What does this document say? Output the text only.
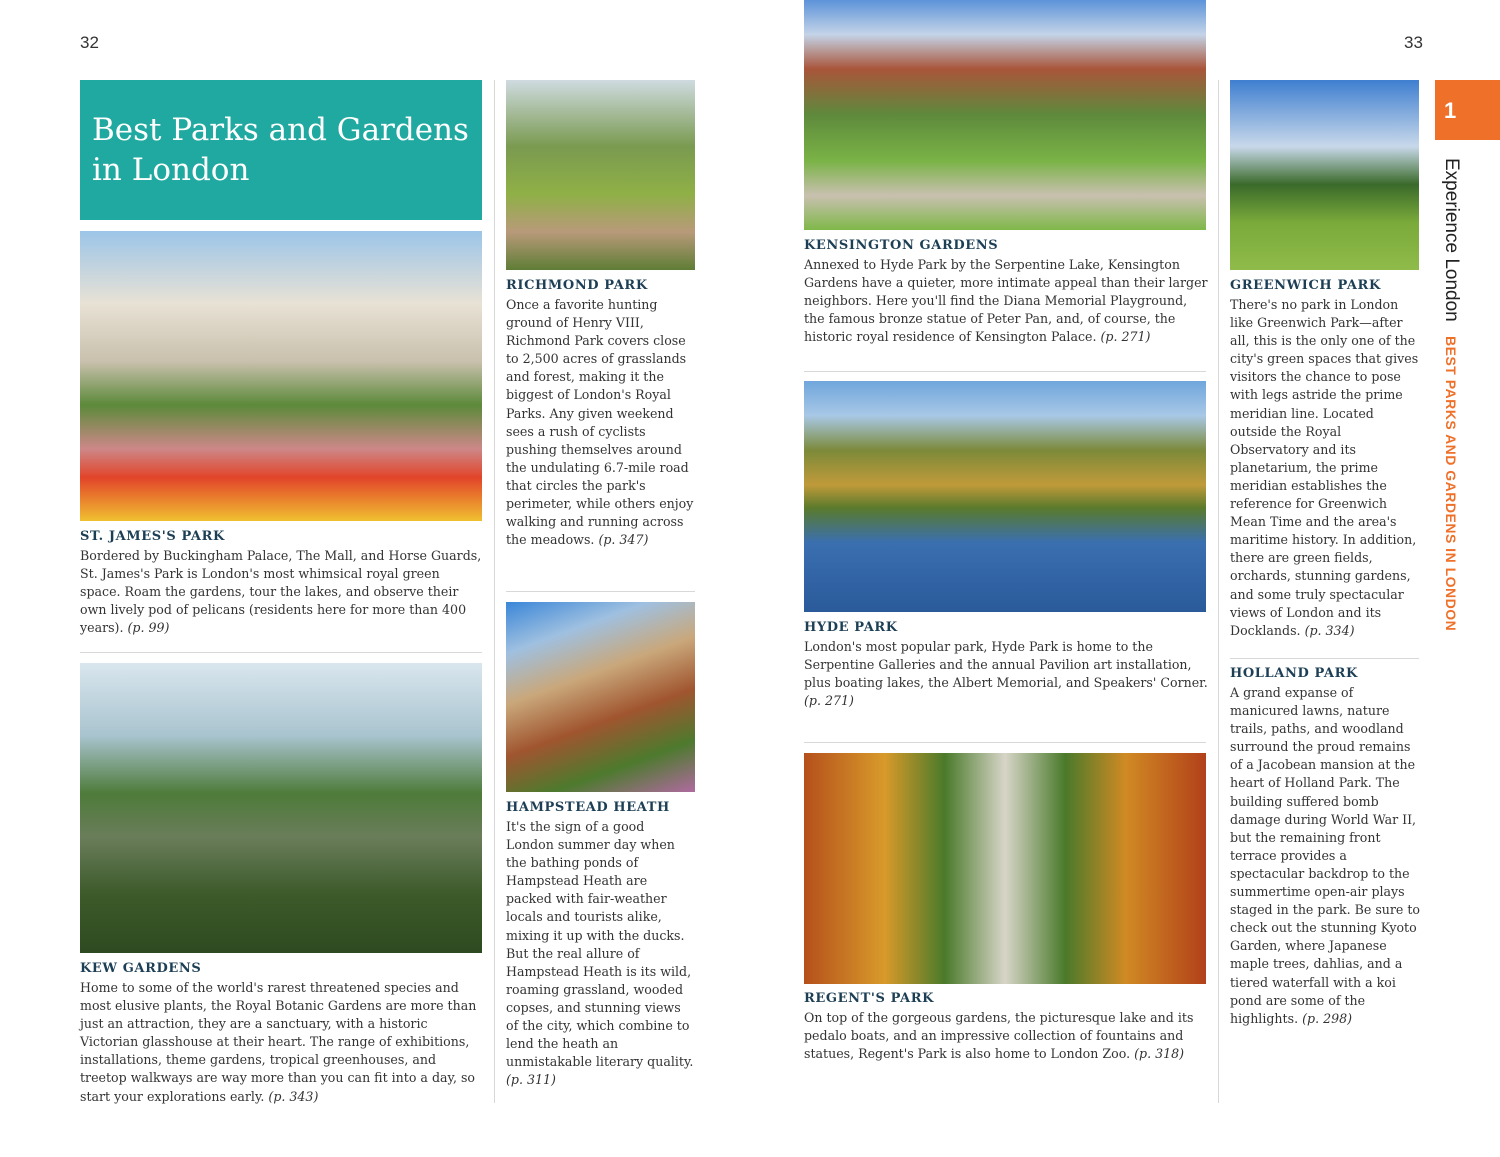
32	33
Best Parks and Gardens in London
ST. JAMES'S PARK
Bordered by Buckingham Palace, The Mall, and Horse Guards, St. James's Park is London's most whimsical royal green space. Roam the gardens, tour the lakes, and observe their own lively pod of pelicans (residents here for more than 400 years). (p. 99)
KEW GARDENS
Home to some of the world's rarest threatened species and most elusive plants, the Royal Botanic Gardens are more than just an attraction, they are a sanctuary, with a historic Victorian glasshouse at their heart. The range of exhibitions, installations, theme gardens, tropical greenhouses, and treetop walkways are way more than you can fit into a day, so start your explorations early. (p. 343)
RICHMOND PARK
Once a favorite hunting ground of Henry VIII, Richmond Park covers close to 2,500 acres of grasslands and forest, making it the biggest of London's Royal Parks. Any given weekend sees a rush of cyclists pushing themselves around the undulating 6.7-mile road that circles the park's perimeter, while others enjoy walking and running across the meadows. (p. 347)
HAMPSTEAD HEATH
It's the sign of a good London summer day when the bathing ponds of Hampstead Heath are packed with fair-weather locals and tourists alike, mixing it up with the ducks. But the real allure of Hampstead Heath is its wild, roaming grassland, wooded copses, and stunning views of the city, which combine to lend the heath an unmistakable literary quality. (p. 311)
KENSINGTON GARDENS
Annexed to Hyde Park by the Serpentine Lake, Kensington Gardens have a quieter, more intimate appeal than their larger neighbors. Here you'll find the Diana Memorial Playground, the famous bronze statue of Peter Pan, and, of course, the historic royal residence of Kensington Palace. (p. 271)
HYDE PARK
London's most popular park, Hyde Park is home to the Serpentine Galleries and the annual Pavilion art installation, plus boating lakes, the Albert Memorial, and Speakers' Corner. (p. 271)
REGENT'S PARK
On top of the gorgeous gardens, the picturesque lake and its pedalo boats, and an impressive collection of fountains and statues, Regent's Park is also home to London Zoo. (p. 318)
GREENWICH PARK
There's no park in London like Greenwich Park—after all, this is the only one of the city's green spaces that gives visitors the chance to pose with legs astride the prime meridian line. Located outside the Royal Observatory and its planetarium, the prime meridian establishes the reference for Greenwich Mean Time and the area's maritime history. In addition, there are green fields, orchards, stunning gardens, and some truly spectacular views of London and its Docklands. (p. 334)
HOLLAND PARK
A grand expanse of manicured lawns, nature trails, paths, and woodland surround the proud remains of a Jacobean mansion at the heart of Holland Park. The building suffered bomb damage during World War II, but the remaining front terrace provides a spectacular backdrop to the summertime open-air plays staged in the park. Be sure to check out the stunning Kyoto Garden, where Japanese maple trees, dahlias, and a tiered waterfall with a koi pond are some of the highlights. (p. 298)
1
Experience LondonBEST PARKS AND GARDENS IN LONDON
